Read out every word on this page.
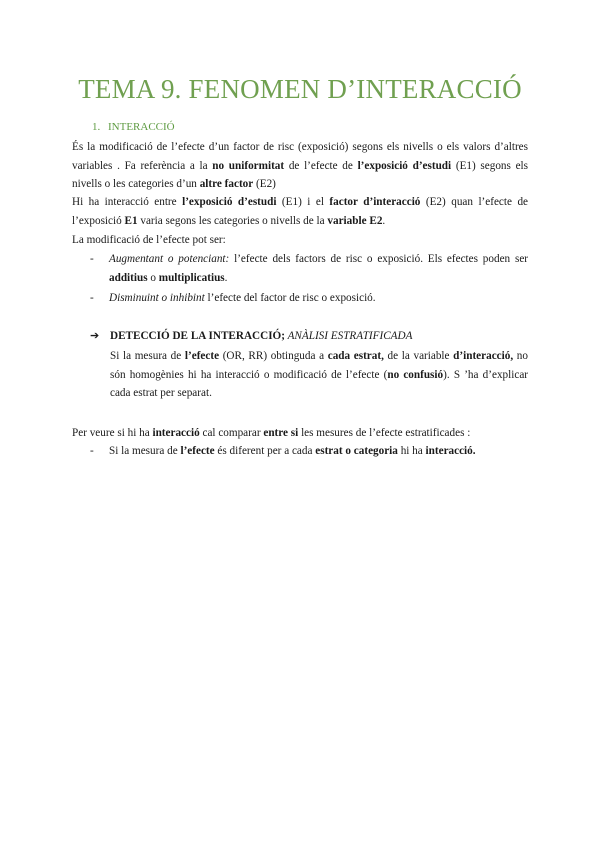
TEMA 9. FENOMEN D’INTERACCIÓ
1. INTERACCIÓ

És la modificació de l’efecte d’un factor de risc (exposició) segons els nivells o els valors d’altres variables . Fa referència a la no uniformitat de l’efecte de l’exposició d’estudi (E1) segons els nivells o les categories d’un altre factor (E2)

Hi ha interacció entre l’exposició d’estudi (E1) i el factor d’interacció (E2) quan l’efecte de l’exposició E1 varia segons les categories o nivells de la variable E2.

La modificació de l’efecte pot ser:

- Augmentant o potenciant: l’efecte dels factors de risc o exposició. Els efectes poden ser additius o multiplicatius.
- Disminuint o inhibint l’efecte del factor de risc o exposició.
➔ DETECCIÓ DE LA INTERACCIÓ; ANÀLISI ESTRATIFICADA
Si la mesura de l’efecte (OR, RR) obtinguda a cada estrat, de la variable d’interacció, no són homogènies hi ha interacció o modificació de l’efecte (no confusió). S ’ha d’explicar cada estrat per separat.

Per veure si hi ha interacció cal comparar entre si les mesures de l’efecte estratificades :

- Si la mesura de l’efecte és diferent per a cada estrat o categoria hi ha interacció.
